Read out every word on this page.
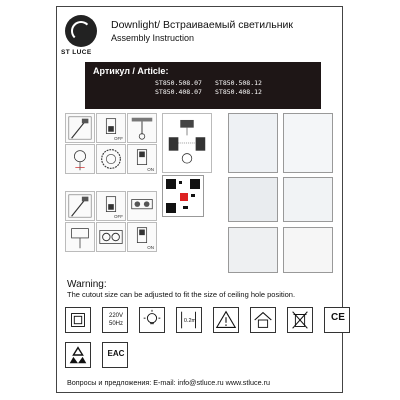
ST LUCE
Downlight/ Встраиваемый светильник
Assembly Instruction
Артикул / Article:
ST850.508.07 ST850.508.12
ST850.408.07 ST850.408.12
OFF
ON
OFF
ON
Warning:
The cutout size can be adjusted to fit the size of ceiling hole position.
220V
50Hz	0.2m	CE
EAC
Вопросы и предложения: E-mail: info@stluce.ru www.stluce.ru
